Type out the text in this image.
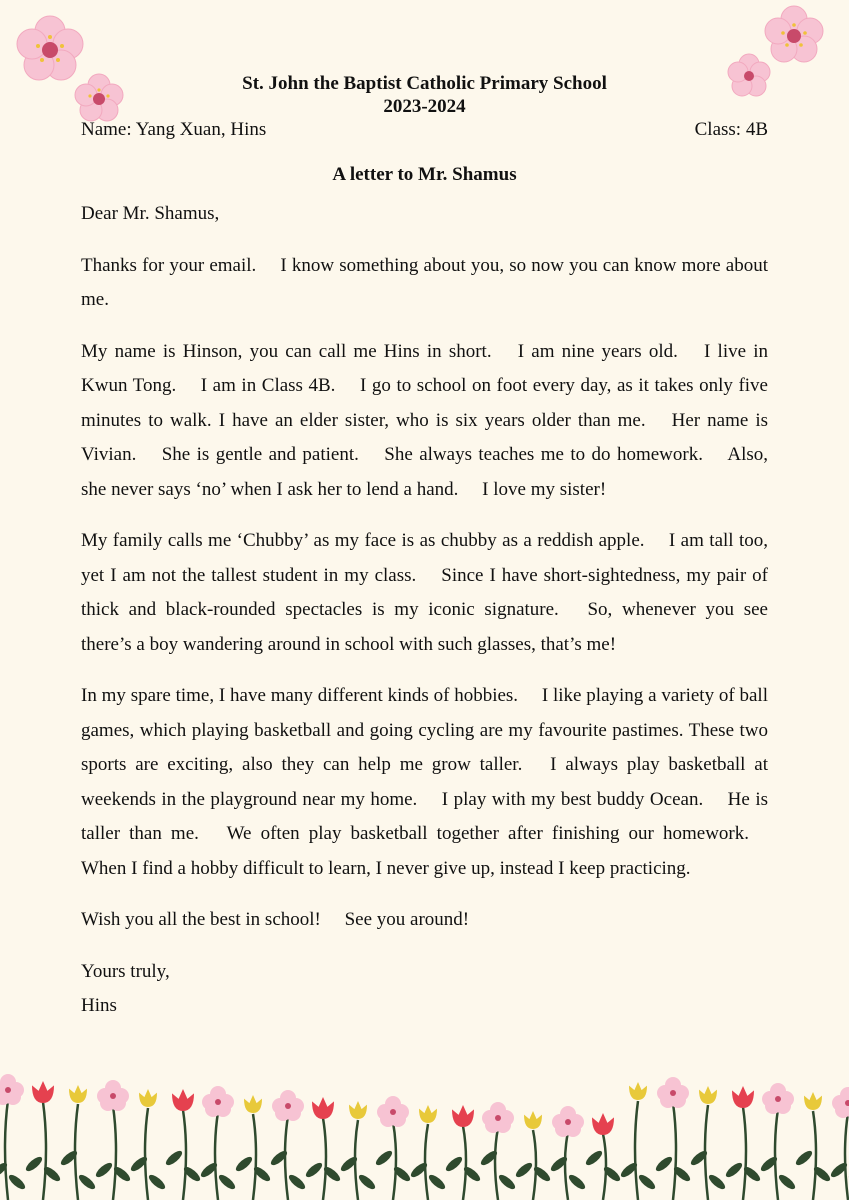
St. John the Baptist Catholic Primary School
2023-2024
Name: Yang Xuan, Hins	Class: 4B
A letter to Mr. Shamus

Dear Mr. Shamus,

Thanks for your email.  I know something about you, so now you can know more about me.

My name is Hinson, you can call me Hins in short.  I am nine years old.  I live in Kwun Tong.  I am in Class 4B.  I go to school on foot every day, as it takes only five minutes to walk. I have an elder sister, who is six years older than me.  Her name is Vivian.  She is gentle and patient.  She always teaches me to do homework.  Also, she never says ‘no’ when I ask her to lend a hand.  I love my sister!

My family calls me ‘Chubby’ as my face is as chubby as a reddish apple.  I am tall too, yet I am not the tallest student in my class.  Since I have short-sightedness, my pair of thick and black-rounded spectacles is my iconic signature.  So, whenever you see there’s a boy wandering around in school with such glasses, that’s me!

In my spare time, I have many different kinds of hobbies.  I like playing a variety of ball games, which playing basketball and going cycling are my favourite pastimes. These two sports are exciting, also they can help me grow taller.  I always play basketball at weekends in the playground near my home.  I play with my best buddy Ocean.  He is taller than me.  We often play basketball together after finishing our homework.  When I find a hobby difficult to learn, I never give up, instead I keep practicing.

Wish you all the best in school!  See you around!

Yours truly,

Hins
